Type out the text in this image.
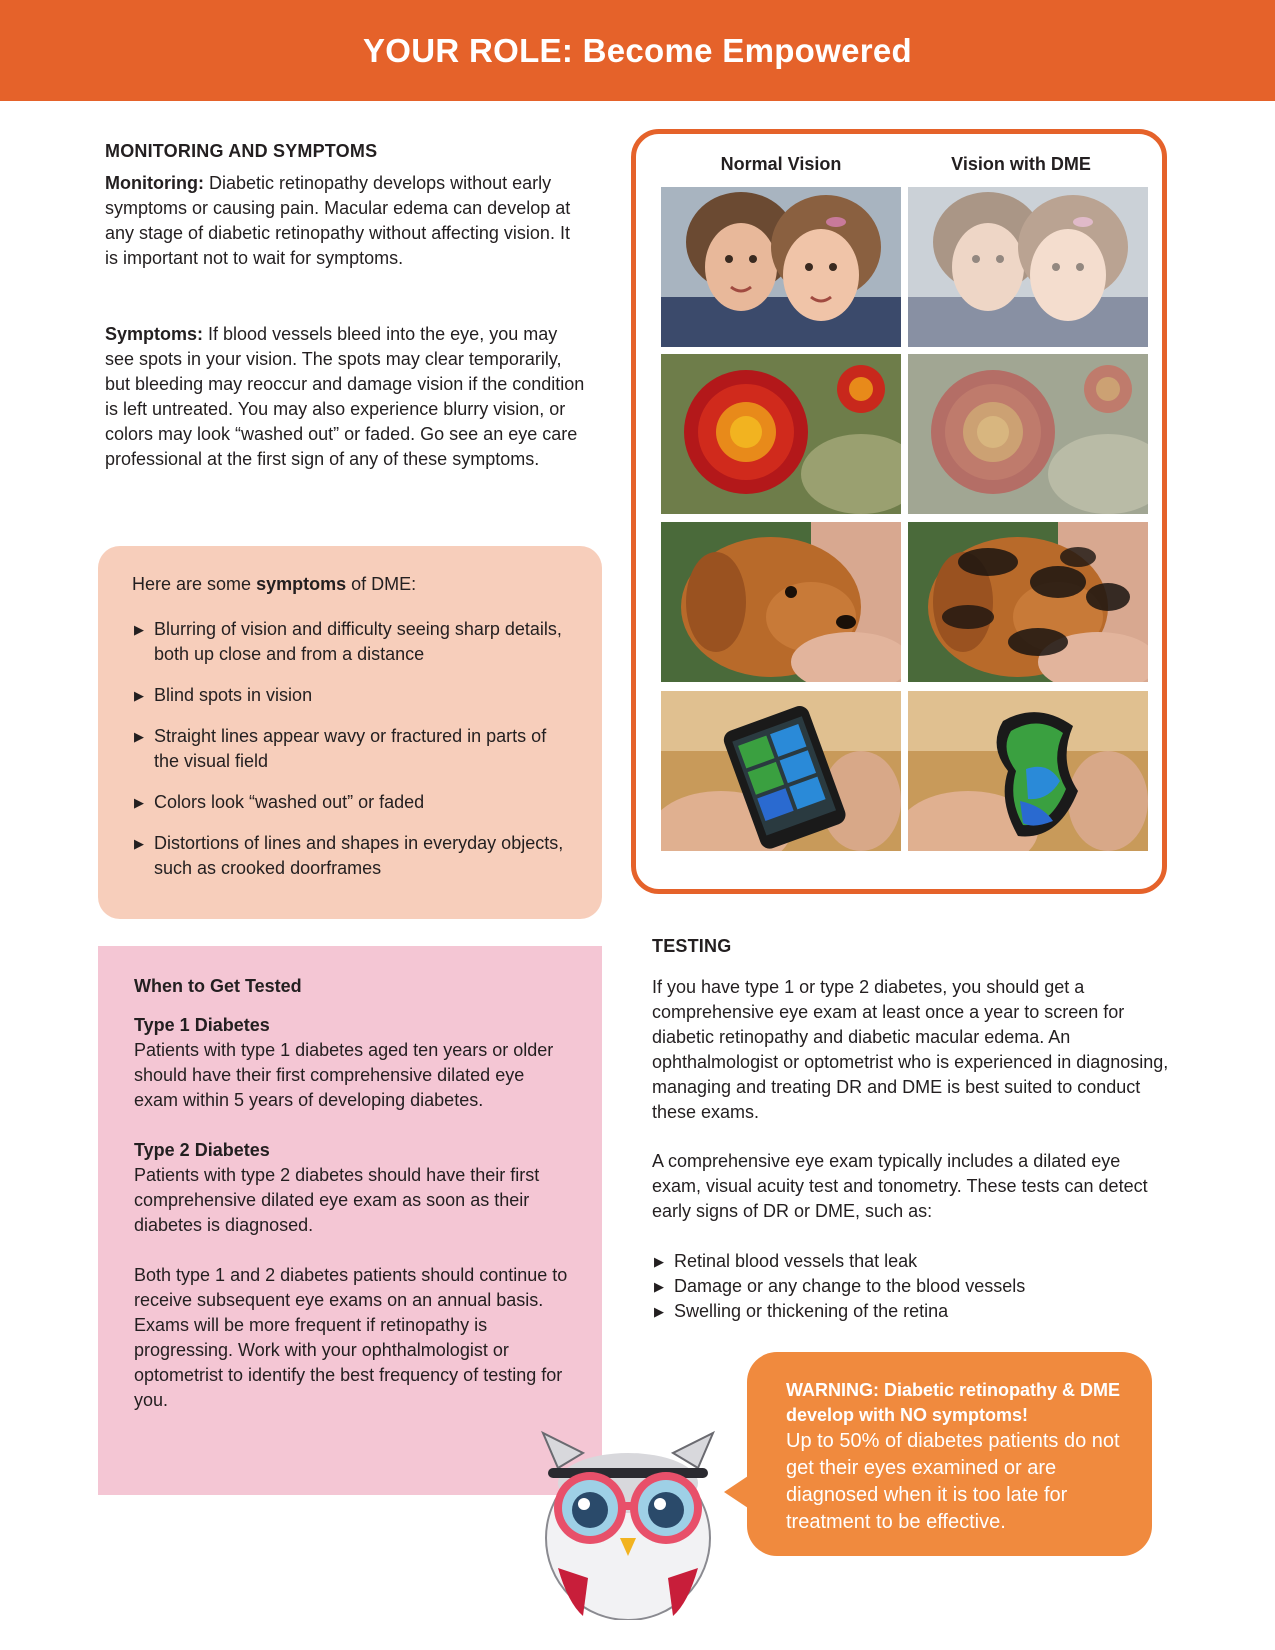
YOUR ROLE: Become Empowered
MONITORING AND SYMPTOMS

Monitoring: Diabetic retinopathy develops without early symptoms or causing pain. Macular edema can develop at any stage of diabetic retinopathy without affecting vision. It is important not to wait for symptoms.

Symptoms: If blood vessels bleed into the eye, you may see spots in your vision. The spots may clear temporarily, but bleeding may reoccur and damage vision if the condition is left untreated. You may also experience blurry vision, or colors may look “washed out” or faded. Go see an eye care professional at the first sign of any of these symptoms.

Here are some symptoms of DME:

▶ Blurring of vision and difficulty seeing sharp details, both up close and from a distance
▶ Blind spots in vision
▶ Straight lines appear wavy or fractured in parts of the visual field
▶ Colors look “washed out” or faded
▶ Distortions of lines and shapes in everyday objects, such as crooked doorframes
When to Get Tested
Type 1 Diabetes

Patients with type 1 diabetes aged ten years or older should have their first comprehensive dilated eye exam within 5 years of developing diabetes.

Type 2 Diabetes

Patients with type 2 diabetes should have their first comprehensive dilated eye exam as soon as their diabetes is diagnosed.

Both type 1 and 2 diabetes patients should continue to receive subsequent eye exams on an annual basis. Exams will be more frequent if retinopathy is progressing. Work with your ophthalmologist or optometrist to identify the best frequency of testing for you.

Normal Vision	Vision with DME
TESTING

If you have type 1 or type 2 diabetes, you should get a comprehensive eye exam at least once a year to screen for diabetic retinopathy and diabetic macular edema. An ophthalmologist or optometrist who is experienced in diagnosing, managing and treating DR and DME is best suited to conduct these exams.

A comprehensive eye exam typically includes a dilated eye exam, visual acuity test and tonometry. These tests can detect early signs of DR or DME, such as:

▶ Retinal blood vessels that leak
▶ Damage or any change to the blood vessels
▶ Swelling or thickening of the retina
WARNING: Diabetic retinopathy & DME develop with NO symptoms!
Up to 50% of diabetes patients do not get their eyes examined or are diagnosed when it is too late for treatment to be effective.
